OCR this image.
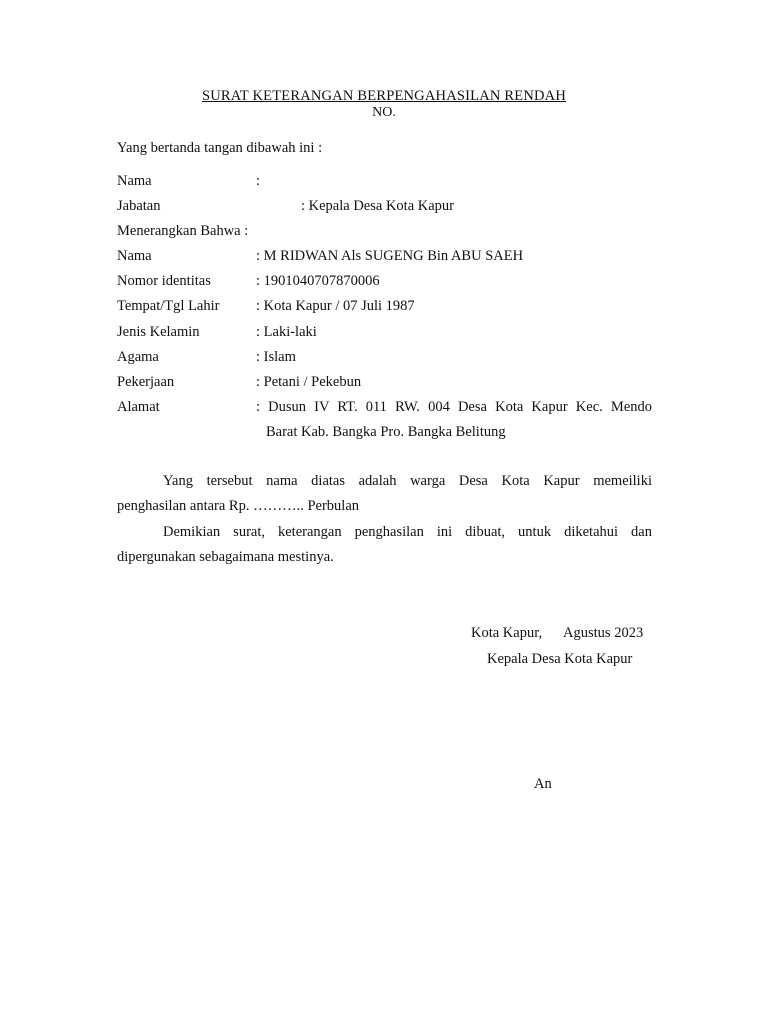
SURAT KETERANGAN BERPENGAHASILAN RENDAH
NO.
Yang bertanda tangan dibawah ini :
Nama	:
Jabatan	: Kepala Desa Kota Kapur
Menerangkan Bahwa :
Nama	: M RIDWAN Als SUGENG Bin ABU SAEH
Nomor identitas	: 1901040707870006
Tempat/Tgl Lahir	: Kota Kapur / 07 Juli 1987
Jenis Kelamin	: Laki-laki
Agama	: Islam
Pekerjaan	: Petani / Pekebun
Alamat	: Dusun IV RT. 011 RW. 004 Desa Kota Kapur Kec. Mendo
Barat Kab. Bangka Pro. Bangka Belitung
Yang tersebut nama diatas adalah warga Desa Kota Kapur memeiliki
penghasilan antara Rp. ……….. Perbulan
Demikian surat, keterangan penghasilan ini dibuat, untuk diketahui dan
dipergunakan sebagaimana mestinya.
Kota Kapur,      Agustus 2023
Kepala Desa Kota Kapur
An
